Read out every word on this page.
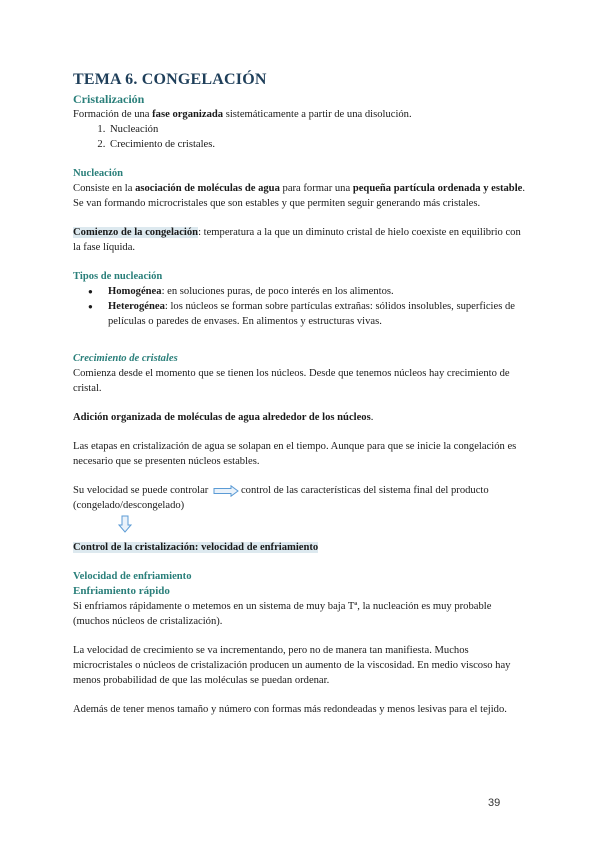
TEMA 6. CONGELACIÓN

Cristalización

Formación de una fase organizada sistemáticamente a partir de una disolución.

1. Nucleación
2. Crecimiento de cristales.

Nucleación

Consiste en la asociación de moléculas de agua para formar una pequeña partícula ordenada y estable. Se van formando microcristales que son estables y que permiten seguir generando más cristales.

Comienzo de la congelación: temperatura a la que un diminuto cristal de hielo coexiste en equilibrio con la fase líquida.

Tipos de nucleación

● Homogénea: en soluciones puras, de poco interés en los alimentos.
● Heterogénea: los núcleos se forman sobre partículas extrañas: sólidos insolubles, superficies de películas o paredes de envases. En alimentos y estructuras vivas.

Crecimiento de cristales

Comienza desde el momento que se tienen los núcleos. Desde que tenemos núcleos hay crecimiento de cristal.

Adición organizada de moléculas de agua alrededor de los núcleos.

Las etapas en cristalización de agua se solapan en el tiempo. Aunque para que se inicie la congelación es necesario que se presenten núcleos estables.

Su velocidad se puede controlar	control de las características del sistema final del producto (congelado/descongelado)

Control de la cristalización: velocidad de enfriamiento

Velocidad de enfriamiento

Enfriamiento rápido

Si enfriamos rápidamente o metemos en un sistema de muy baja Tª, la nucleación es muy probable (muchos núcleos de cristalización).

La velocidad de crecimiento se va incrementando, pero no de manera tan manifiesta. Muchos microcristales o núcleos de cristalización producen un aumento de la viscosidad. En medio viscoso hay menos probabilidad de que las moléculas se puedan ordenar.

Además de tener menos tamaño y número con formas más redondeadas y menos lesivas para el tejido.

39
